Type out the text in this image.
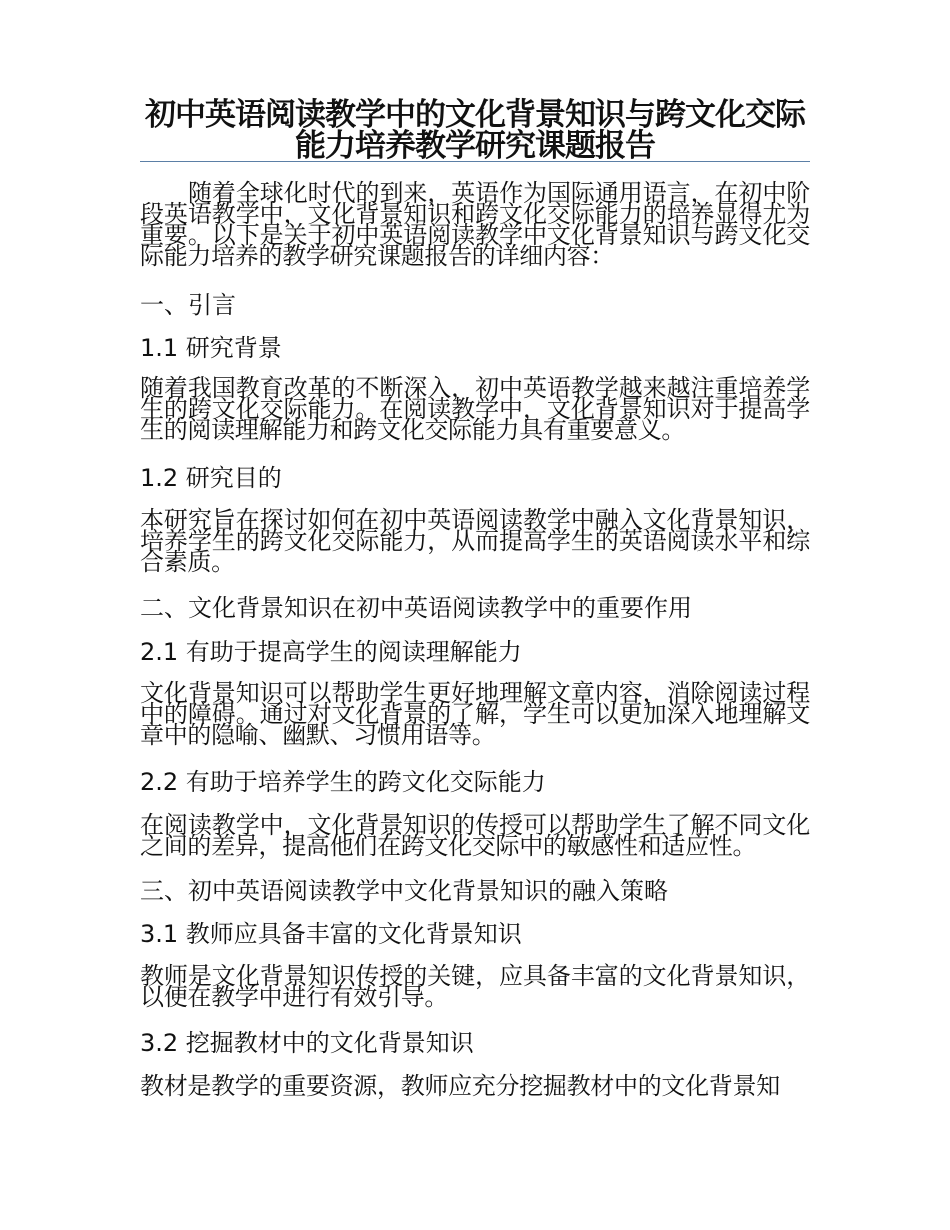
初中英语阅读教学中的文化背景知识与跨文化交际能力培养教学研究课题报告
随着全球化时代的到来，英语作为国际通用语言，在初中阶段英语教学中，文化背景知识和跨文化交际能力的培养显得尤为重要。以下是关于初中英语阅读教学中文化背景知识与跨文化交际能力培养的教学研究课题报告的详细内容：
一、引言
1.1 研究背景
随着我国教育改革的不断深入，初中英语教学越来越注重培养学生的跨文化交际能力。在阅读教学中，文化背景知识对于提高学生的阅读理解能力和跨文化交际能力具有重要意义。
1.2 研究目的
本研究旨在探讨如何在初中英语阅读教学中融入文化背景知识，培养学生的跨文化交际能力，从而提高学生的英语阅读水平和综合素质。
二、文化背景知识在初中英语阅读教学中的重要作用
2.1 有助于提高学生的阅读理解能力
文化背景知识可以帮助学生更好地理解文章内容，消除阅读过程中的障碍。通过对文化背景的了解，学生可以更加深入地理解文章中的隐喻、幽默、习惯用语等。
2.2 有助于培养学生的跨文化交际能力
在阅读教学中，文化背景知识的传授可以帮助学生了解不同文化之间的差异，提高他们在跨文化交际中的敏感性和适应性。
三、初中英语阅读教学中文化背景知识的融入策略
3.1 教师应具备丰富的文化背景知识
教师是文化背景知识传授的关键，应具备丰富的文化背景知识，以便在教学中进行有效引导。
3.2 挖掘教材中的文化背景知识
教材是教学的重要资源，教师应充分挖掘教材中的文化背景知
